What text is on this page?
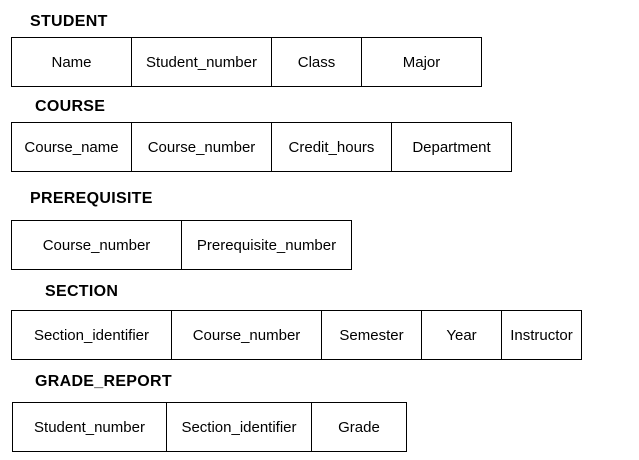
STUDENT
Name	Student_number	Class	Major
COURSE
Course_name	Course_number	Credit_hours	Department
PREREQUISITE
Course_number	Prerequisite_number
SECTION
Section_identifier	Course_number	Semester	Year	Instructor
GRADE_REPORT
Student_number	Section_identifier	Grade
